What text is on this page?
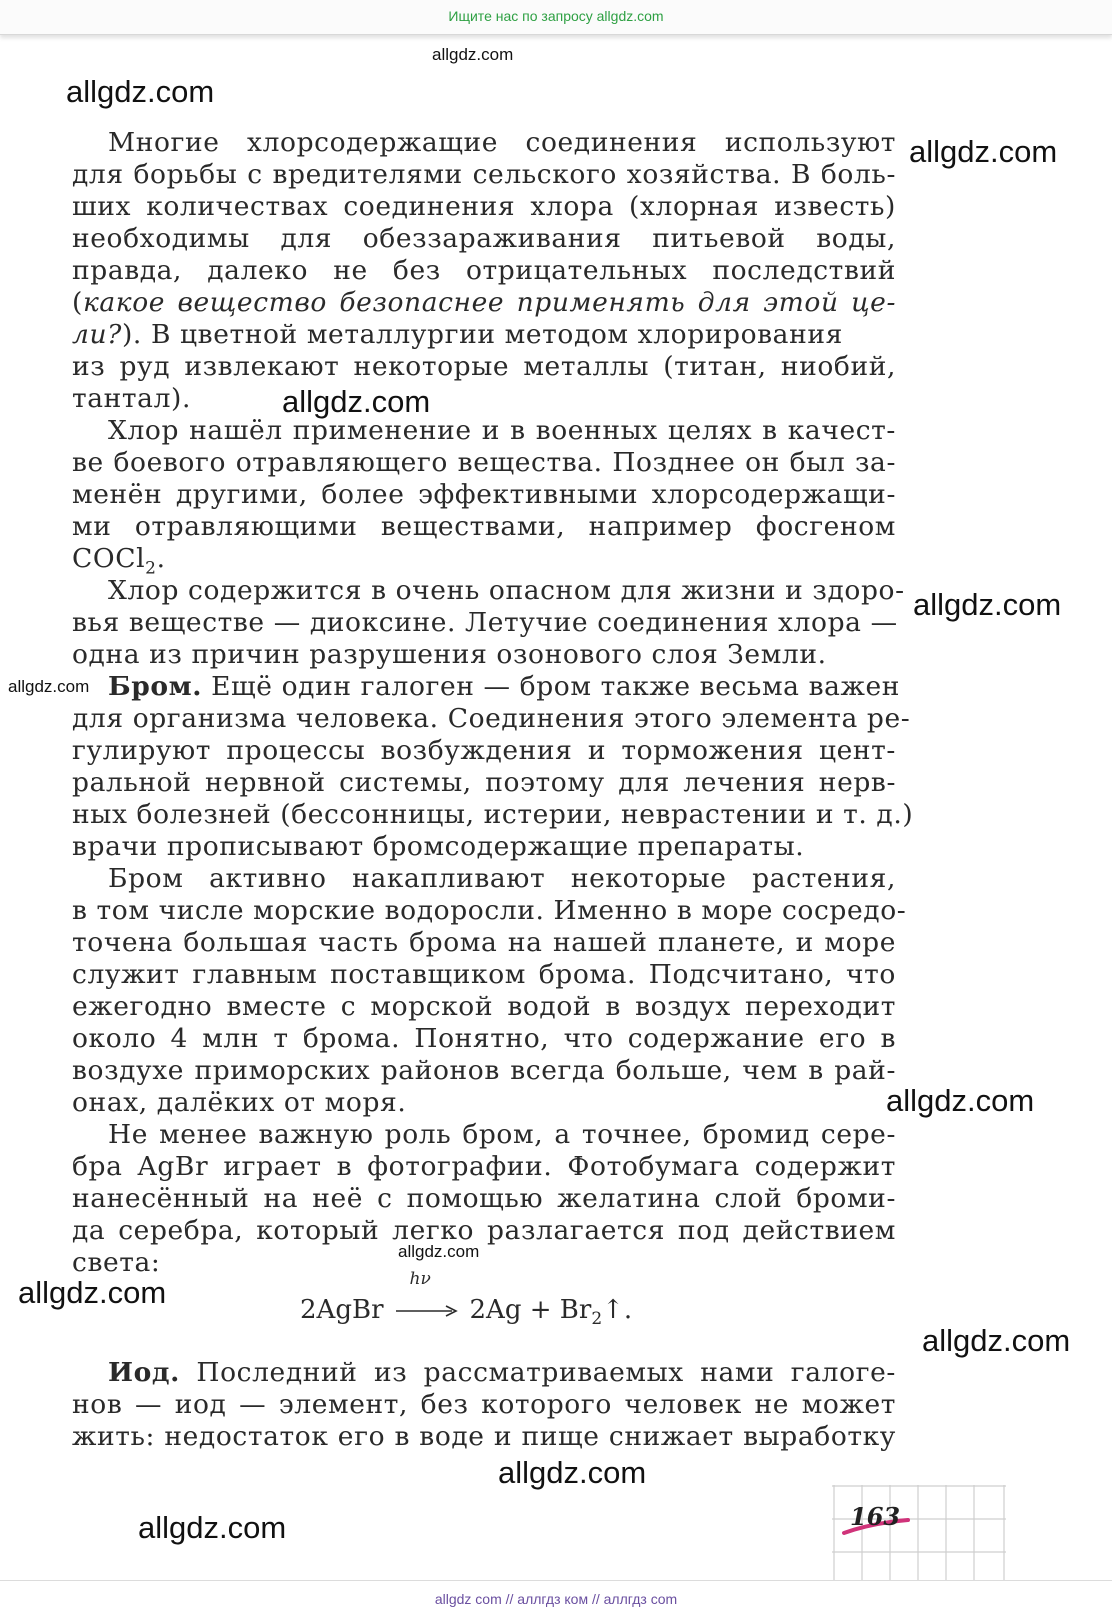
Ищите нас по запросу allgdz.com
allgdz.com
allgdz.com
allgdz.com
allgdz.com
allgdz.com
allgdz.com
allgdz.com
allgdz.com
allgdz.com
allgdz.com
allgdz.com
allgdz.com
Многие хлорсодержащие соединения используют
для борьбы с вредителями сельского хозяйства. В боль-
ших количествах соединения хлора (хлорная известь)
необходимы для обеззараживания питьевой воды,
правда, далеко не без отрицательных последствий
(какое вещество безопаснее применять для этой це-
ли?). В цветной металлургии методом хлорирования
из руд извлекают некоторые металлы (титан, ниобий,
тантал).
Хлор нашёл применение и в военных целях в качест-
ве боевого отравляющего вещества. Позднее он был за-
менён другими, более эффективными хлорсодержащи-
ми отравляющими веществами, например фосгеном
COCl$_2$.
Хлор содержится в очень опасном для жизни и здоро-
вья веществе — диоксине. Летучие соединения хлора —
одна из причин разрушения озонового слоя Земли.
Бром. Ещё один галоген — бром также весьма важен
для организма человека. Соединения этого элемента ре-
гулируют процессы возбуждения и торможения цент-
ральной нервной системы, поэтому для лечения нерв-
ных болезней (бессонницы, истерии, неврастении и т. д.)
врачи прописывают бромсодержащие препараты.
Бром активно накапливают некоторые растения,
в том числе морские водоросли. Именно в море сосредо-
точена большая часть брома на нашей планете, и море
служит главным поставщиком брома. Подсчитано, что
ежегодно вместе с морской водой в воздух переходит
около 4 млн т брома. Понятно, что содержание его в
воздухе приморских районов всегда больше, чем в рай-
онах, далёких от моря.
Не менее важную роль бром, а точнее, бромид сере-
бра AgBr играет в фотографии. Фотобумага содержит
нанесённый на неё с помощью желатина слой броми-
да серебра, который легко разлагается под действием
света:
2AgBr
hν
$2Ag + Br_2↑$.
Иод. Последний из рассматриваемых нами галоге-
нов — иод — элемент, без которого человек не может
жить: недостаток его в воде и пище снижает выработку
163
allgdz com // аллгдз ком // аллгдз com
